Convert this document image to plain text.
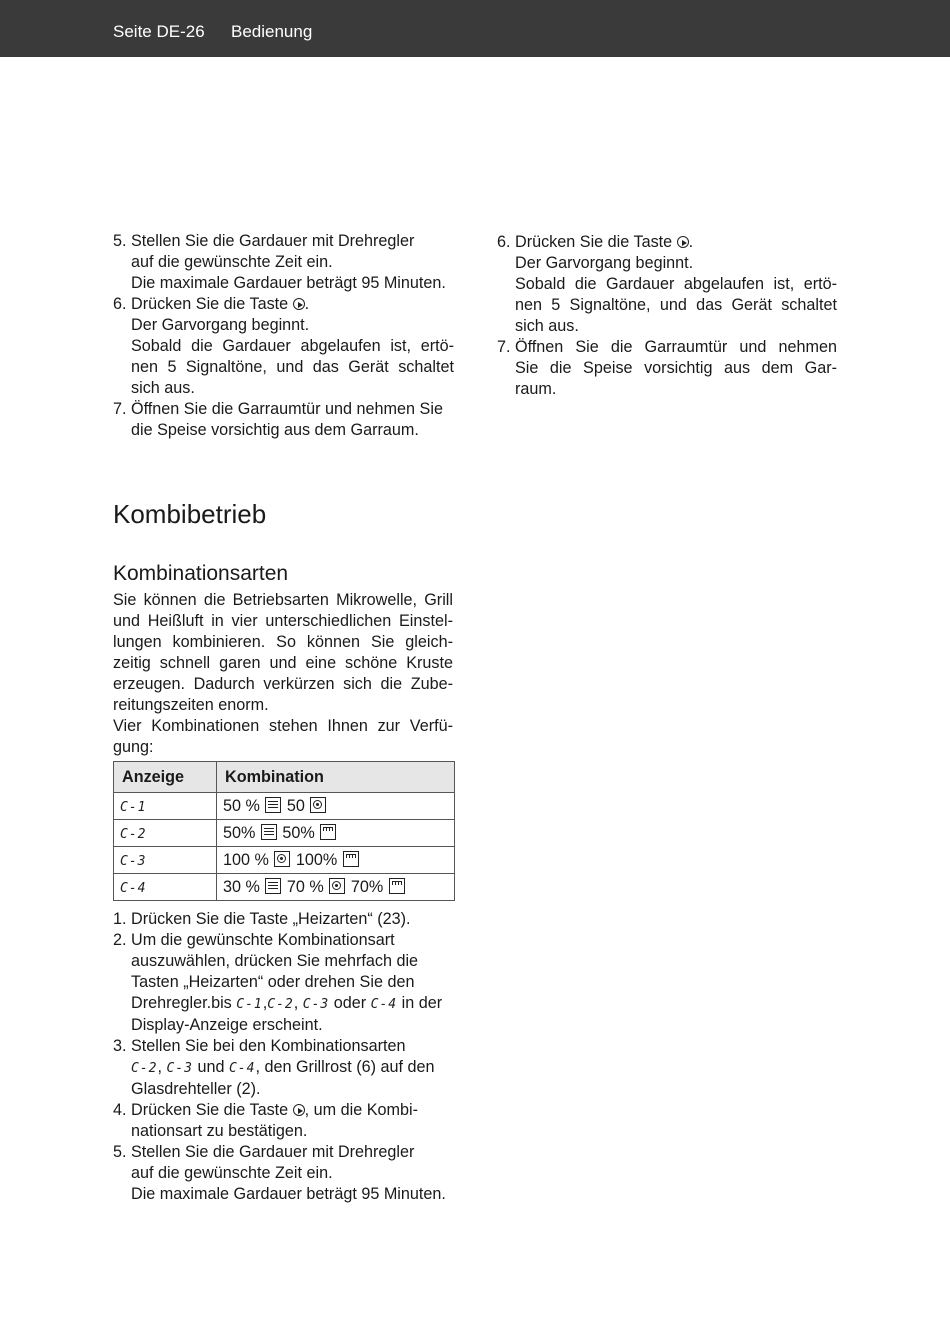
Seite DE-26 Bedienung
5. Stellen Sie die Gardauer mit Drehregler
auf die gewünschte Zeit ein.
Die maximale Gardauer beträgt 95 Minuten.
6. Drücken Sie die Taste .
Der Garvorgang beginnt.
Sobald die Gardauer abgelaufen ist, ertö-
nen 5 Signaltöne, und das Gerät schaltet
sich aus.
7. Öffnen Sie die Garraumtür und nehmen Sie
die Speise vorsichtig aus dem Garraum.
6. Drücken Sie die Taste .
Der Garvorgang beginnt.
Sobald die Gardauer abgelaufen ist, ertö-
nen 5 Signaltöne, und das Gerät schaltet
sich aus.
7. Öffnen Sie die Garraumtür und nehmen
Sie die Speise vorsichtig aus dem Gar-
raum.
Kombibetrieb
Kombinationsarten
Sie können die Betriebsarten Mikrowelle, Grill
und Heißluft in vier unterschiedlichen Einstel-
lungen kombinieren. So können Sie gleich-
zeitig schnell garen und eine schöne Kruste
erzeugen. Dadurch verkürzen sich die Zube-
reitungszeiten enorm.
Vier Kombinationen stehen Ihnen zur Verfü-
gung:
Anzeige	Kombination
C-1	50 % 50
C-2	50% 50%
C-3	100 % 100%
C-4	30 % 70 % 70%
1. Drücken Sie die Taste „Heizarten“ (23).
2. Um die gewünschte Kombinationsart
auszuwählen, drücken Sie mehrfach die
Tasten „Heizarten“ oder drehen Sie den
Drehregler.bis C-1,C-2, C-3 oder C-4 in der
Display-Anzeige erscheint.
3. Stellen Sie bei den Kombinationsarten
C-2, C-3 und C-4, den Grillrost (6) auf den
Glasdrehteller (2).
4. Drücken Sie die Taste , um die Kombi-
nationsart zu bestätigen.
5. Stellen Sie die Gardauer mit Drehregler
auf die gewünschte Zeit ein.
Die maximale Gardauer beträgt 95 Minuten.
